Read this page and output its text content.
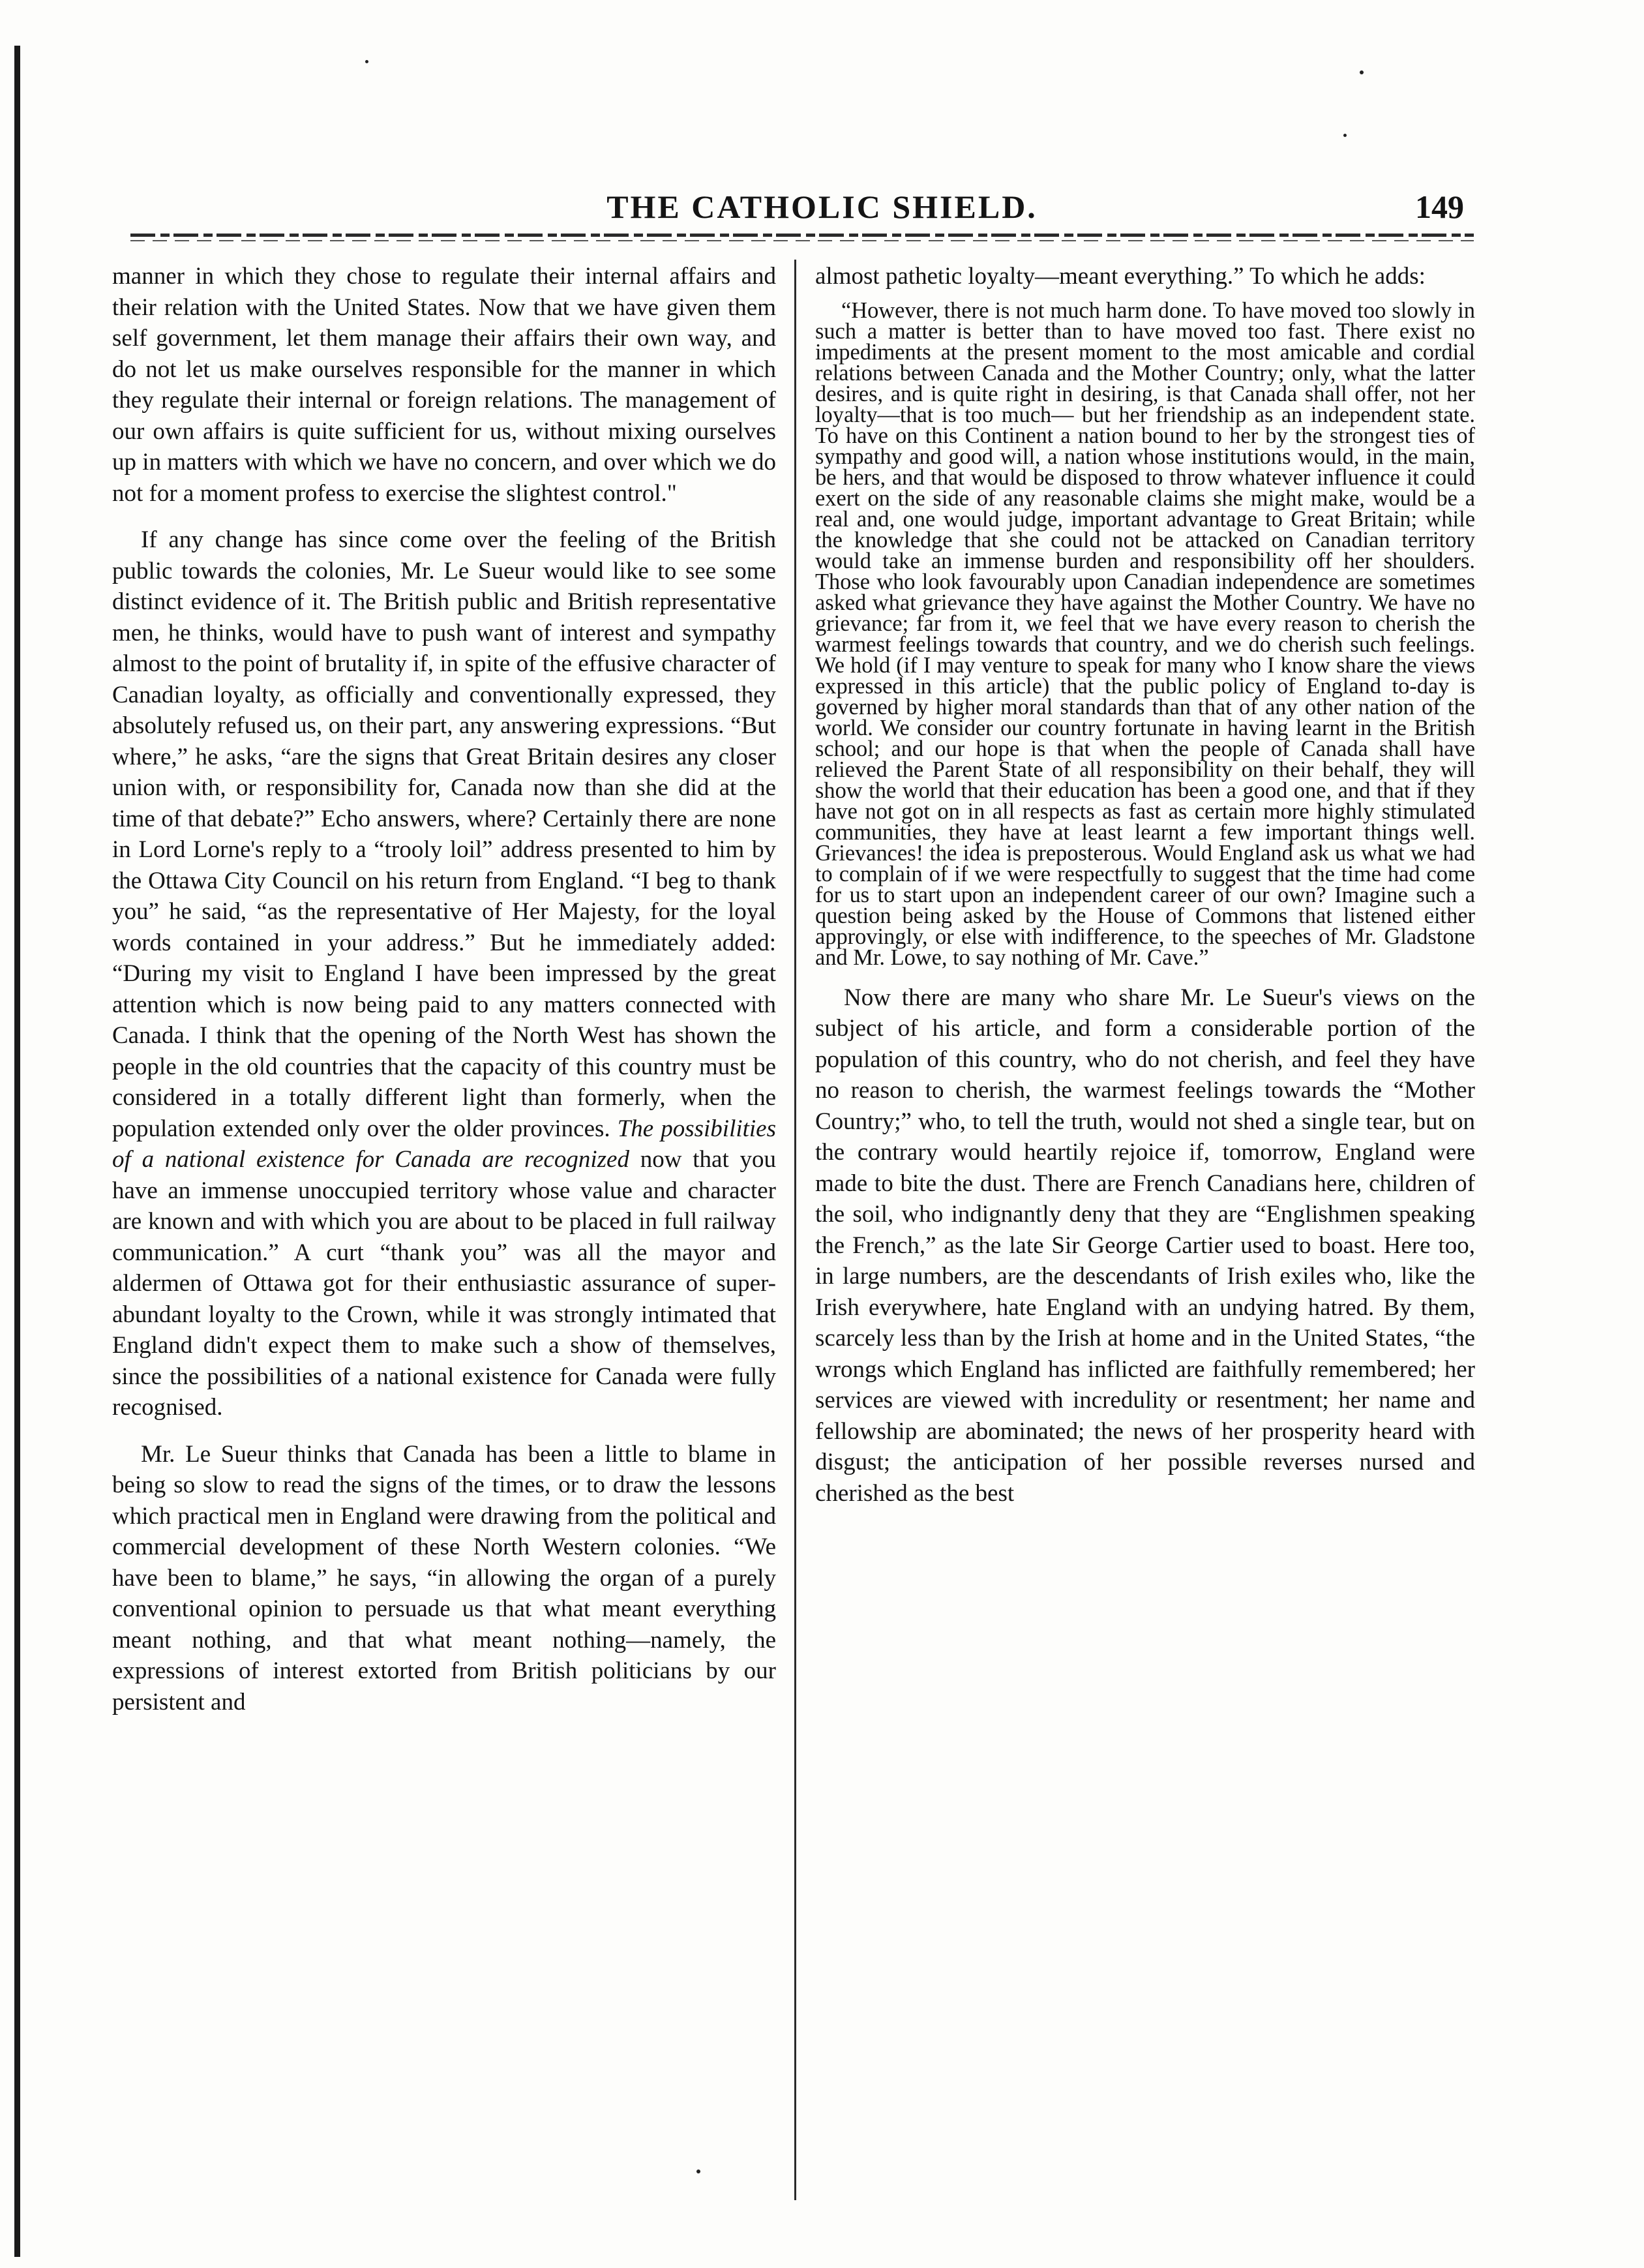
THE CATHOLIC SHIELD.	149

manner in which they chose to regulate their internal affairs and their relation with the United States. Now that we have given them self government, let them manage their affairs their own way, and do not let us make ourselves responsible for the manner in which they regulate their internal or foreign relations. The management of our own affairs is quite sufficient for us, without mixing ourselves up in matters with which we have no concern, and over which we do not for a moment profess to exercise the slightest control."

If any change has since come over the feeling of the British public towards the colonies, Mr. Le Sueur would like to see some distinct evidence of it. The British public and British representative men, he thinks, would have to push want of interest and sympathy almost to the point of brutality if, in spite of the effusive character of Canadian loyalty, as officially and conventionally expressed, they absolutely refused us, on their part, any answering expressions. “But where,” he asks, “are the signs that Great Britain desires any closer union with, or responsibility for, Canada now than she did at the time of that debate?” Echo answers, where? Certainly there are none in Lord Lorne's reply to a “trooly loil” address presented to him by the Ottawa City Council on his return from England. “I beg to thank you” he said, “as the representative of Her Majesty, for the loyal words contained in your address.” But he immediately added: “During my visit to England I have been impressed by the great attention which is now being paid to any matters connected with Canada. I think that the opening of the North West has shown the people in the old countries that the capacity of this country must be considered in a totally different light than formerly, when the population extended only over the older provinces. The possibilities of a national existence for Canada are recognized now that you have an immense unoccupied territory whose value and character are known and with which you are about to be placed in full railway communication.” A curt “thank you” was all the mayor and aldermen of Ottawa got for their enthusiastic assurance of super-abundant loyalty to the Crown, while it was strongly intimated that England didn't expect them to make such a show of themselves, since the possibilities of a national existence for Canada were fully recognised.

Mr. Le Sueur thinks that Canada has been a little to blame in being so slow to read the signs of the times, or to draw the lessons which practical men in England were drawing from the political and commercial development of these North Western colonies. “We have been to blame,” he says, “in allowing the organ of a purely conventional opinion to persuade us that what meant everything meant nothing, and that what meant nothing—namely, the expressions of interest extorted from British politicians by our persistent and

almost pathetic loyalty—meant everything.” To which he adds:

“However, there is not much harm done. To have moved too slowly in such a matter is better than to have moved too fast. There exist no impediments at the present moment to the most amicable and cordial relations between Canada and the Mother Country; only, what the latter desires, and is quite right in desiring, is that Canada shall offer, not her loyalty—that is too much— but her friendship as an independent state. To have on this Continent a nation bound to her by the strongest ties of sympathy and good will, a nation whose institutions would, in the main, be hers, and that would be disposed to throw whatever influence it could exert on the side of any reasonable claims she might make, would be a real and, one would judge, important advantage to Great Britain; while the knowledge that she could not be attacked on Canadian territory would take an immense burden and responsibility off her shoulders. Those who look favourably upon Canadian independence are sometimes asked what grievance they have against the Mother Country. We have no grievance; far from it, we feel that we have every reason to cherish the warmest feelings towards that country, and we do cherish such feelings. We hold (if I may venture to speak for many who I know share the views expressed in this article) that the public policy of England to-day is governed by higher moral standards than that of any other nation of the world. We consider our country fortunate in having learnt in the British school; and our hope is that when the people of Canada shall have relieved the Parent State of all responsibility on their behalf, they will show the world that their education has been a good one, and that if they have not got on in all respects as fast as certain more highly stimulated communities, they have at least learnt a few important things well. Grievances! the idea is preposterous. Would England ask us what we had to complain of if we were respectfully to suggest that the time had come for us to start upon an independent career of our own? Imagine such a question being asked by the House of Commons that listened either approvingly, or else with indifference, to the speeches of Mr. Gladstone and Mr. Lowe, to say nothing of Mr. Cave.”

Now there are many who share Mr. Le Sueur's views on the subject of his article, and form a considerable portion of the population of this country, who do not cherish, and feel they have no reason to cherish, the warmest feelings towards the “Mother Country;” who, to tell the truth, would not shed a single tear, but on the contrary would heartily rejoice if, tomorrow, England were made to bite the dust. There are French Canadians here, children of the soil, who indignantly deny that they are “Englishmen speaking the French,” as the late Sir George Cartier used to boast. Here too, in large numbers, are the descendants of Irish exiles who, like the Irish everywhere, hate England with an undying hatred. By them, scarcely less than by the Irish at home and in the United States, “the wrongs which England has inflicted are faithfully remembered; her services are viewed with incredulity or resentment; her name and fellowship are abominated; the news of her prosperity heard with disgust; the anticipation of her possible reverses nursed and cherished as the best
